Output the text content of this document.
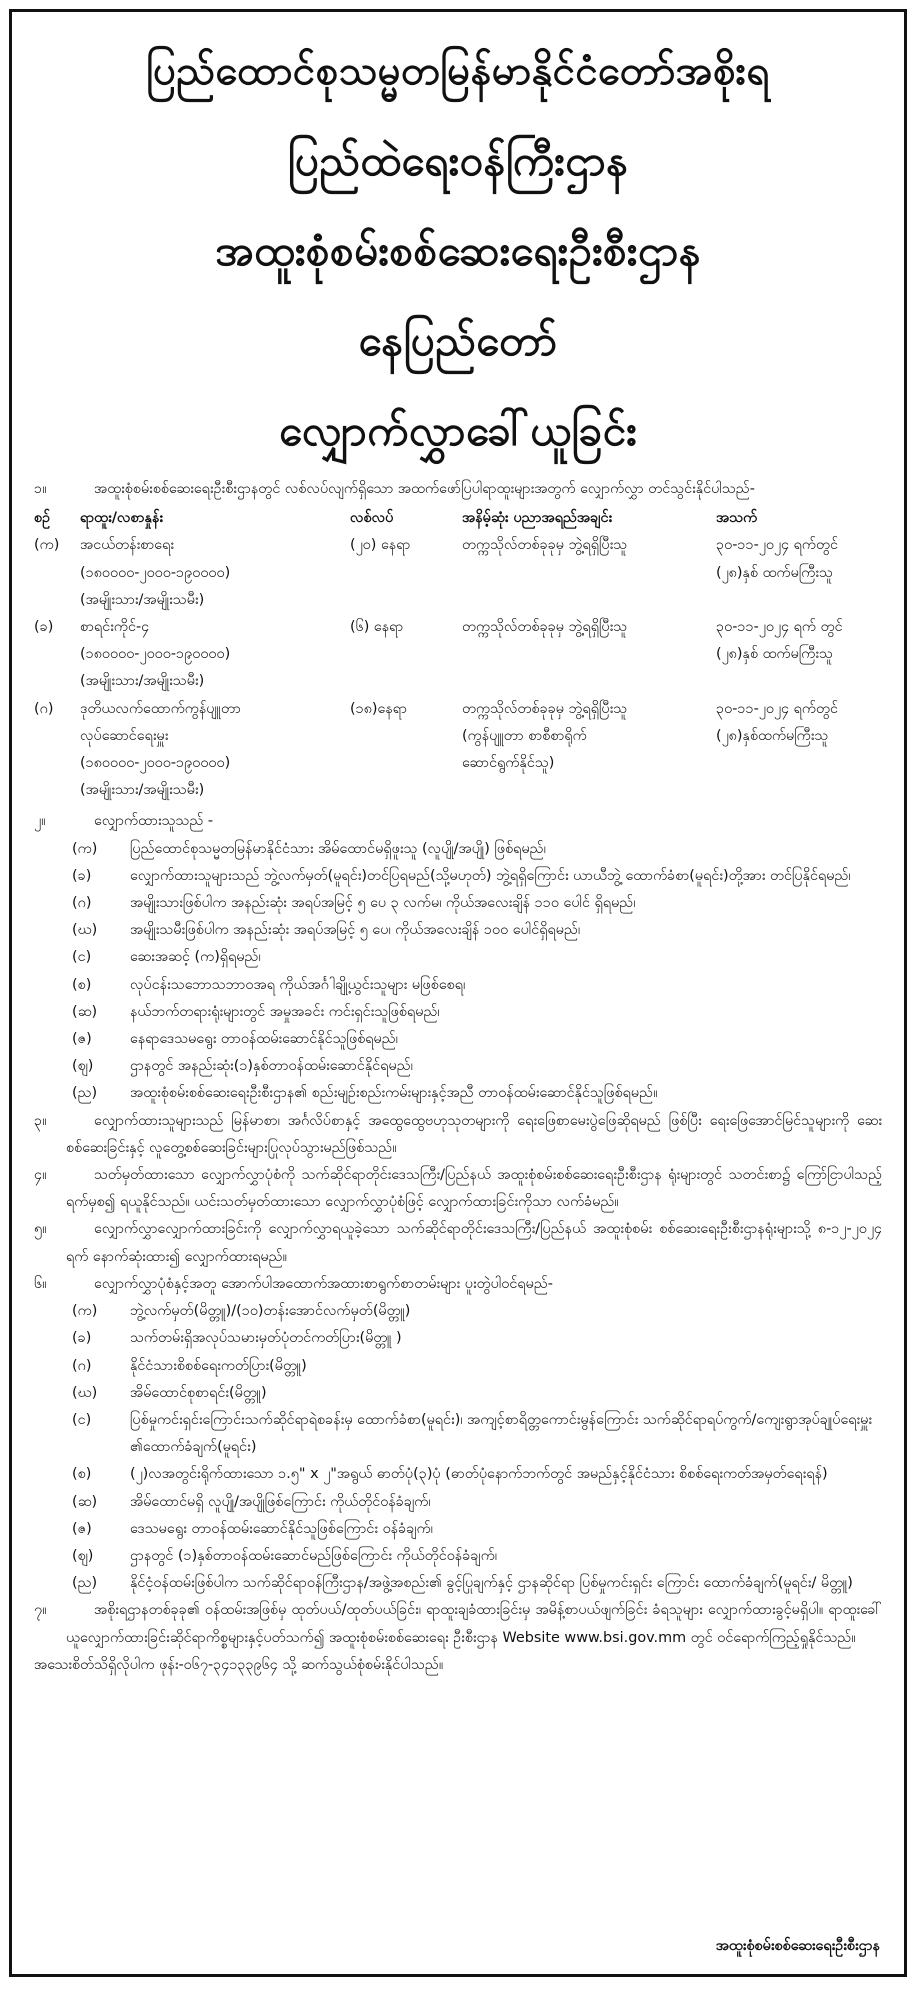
ပြည်ထောင်စုသမ္မတမြန်မာနိုင်ငံတော်အစိုးရ
ပြည်ထဲရေးဝန်ကြီးဌာန
အထူးစုံစမ်းစစ်ဆေးရေးဦးစီးဌာန
နေပြည်တော်
လျှောက်လွှာခေါ်ယူခြင်း
၁။	အထူးစုံစမ်းစစ်ဆေးရေးဦးစီးဌာနတွင် လစ်လပ်လျက်ရှိသော အထက်ဖော်ပြပါရာထူးများအတွက် လျှောက်လွှာ တင်သွင်းနိုင်ပါသည်-
စဉ်	ရာထူး/လစာနှုန်း	လစ်လပ်	အနိမ့်ဆုံး ပညာအရည်အချင်း	အသက်
(က)	အငယ်တန်းစာရေး
(၁၈၀၀၀၀-၂၀၀၀-၁၉၀၀၀၀)
(အမျိုးသား/အမျိုးသမီး)
(၂၀) နေရာ	တက္ကသိုလ်တစ်ခုခုမှ ဘွဲ့ရရှိပြီးသူ	၃၀-၁၁-၂၀၂၄ ရက်တွင်
(၂၈)နှစ် ထက်မကြီးသူ
(ခ)	စာရင်းကိုင်-၄
(၁၈၀၀၀၀-၂၀၀၀-၁၉၀၀၀၀)
(အမျိုးသား/အမျိုးသမီး)
(၆) နေရာ	တက္ကသိုလ်တစ်ခုခုမှ ဘွဲ့ရရှိပြီးသူ	၃၀-၁၁-၂၀၂၄ ရက် တွင်
(၂၈)နှစ် ထက်မကြီးသူ
(ဂ)	ဒုတိယလက်ထောက်ကွန်ပျူတာ
လုပ်ဆောင်ရေးမှူး
(၁၈၀၀၀၀-၂၀၀၀-၁၉၀၀၀၀)
(အမျိုးသား/အမျိုးသမီး)
(၁၈)နေရာ	တက္ကသိုလ်တစ်ခုခုမှ ဘွဲ့ရရှိပြီးသူ
(ကွန်ပျူတာ စာစီစာရိုက်
ဆောင်ရွက်နိုင်သူ)
၃၀-၁၁-၂၀၂၄ ရက်တွင်
(၂၈)နှစ်ထက်မကြီးသူ
၂။	လျှောက်ထားသူသည် -
(က)	ပြည်ထောင်စုသမ္မတမြန်မာနိုင်ငံသား အိမ်ထောင်မရှိဖူးသူ (လူပျို/အပျို) ဖြစ်ရမည်၊
(ခ)	လျှောက်ထားသူများသည် ဘွဲ့လက်မှတ်(မူရင်း)တင်ပြရမည်(သို့မဟုတ်) ဘွဲ့ရရှိကြောင်း ယာယီဘွဲ့ ထောက်ခံစာ(မူရင်း)တို့အား တင်ပြနိုင်ရမည်၊
(ဂ)	အမျိုးသားဖြစ်ပါက အနည်းဆုံး အရပ်အမြင့် ၅ ပေ ၃ လက်မ၊ ကိုယ်အလေးချိန် ၁၁၀ ပေါင် ရှိရမည်၊
(ဃ)	အမျိုးသမီးဖြစ်ပါက အနည်းဆုံး အရပ်အမြင့် ၅ ပေ၊ ကိုယ်အလေးချိန် ၁၀၀ ပေါင်ရှိရမည်၊
(င)	ဆေးအဆင့် (က)ရှိရမည်၊
(စ)	လုပ်ငန်းသဘောသဘာဝအရ ကိုယ်အင်္ဂါချို့ယွင်းသူများ မဖြစ်စေရ၊
(ဆ)	နယ်ဘက်တရားရုံးများတွင် အမှုအခင်း ကင်းရှင်းသူဖြစ်ရမည်၊
(ဇ)	နေရာဒေသမရွေး တာဝန်ထမ်းဆောင်နိုင်သူဖြစ်ရမည်၊
(ဈ)	ဌာနတွင် အနည်းဆုံး(၁)နှစ်တာဝန်ထမ်းဆောင်နိုင်ရမည်၊
(ည)	အထူးစုံစမ်းစစ်ဆေးရေးဦးစီးဌာန၏ စည်းမျဉ်းစည်းကမ်းများနှင့်အညီ တာဝန်ထမ်းဆောင်နိုင်သူဖြစ်ရမည်။
၃။	လျှောက်ထားသူများသည် မြန်မာစာ၊ အင်္ဂလိပ်စာနှင့် အထွေထွေဗဟုသုတများကို ရေးဖြေစာမေးပွဲဖြေဆိုရမည် ဖြစ်ပြီး ရေးဖြေအောင်မြင်သူများကို ဆေးစစ်ဆေးခြင်းနှင့် လူတွေ့စစ်ဆေးခြင်းများပြုလုပ်သွားမည်ဖြစ်သည်။
၄။	သတ်မှတ်ထားသော လျှောက်လွှာပုံစံကို သက်ဆိုင်ရာတိုင်းဒေသကြီး/ပြည်နယ် အထူးစုံစမ်းစစ်ဆေးရေးဦးစီးဌာန ရုံးများတွင် သတင်းစာ၌ ကြော်ငြာပါသည့်ရက်မှစ၍ ရယူနိုင်သည်။ ယင်းသတ်မှတ်ထားသော လျှောက်လွှာပုံစံဖြင့် လျှောက်ထားခြင်းကိုသာ လက်ခံမည်။
၅။	လျှောက်လွှာလျှောက်ထားခြင်းကို လျှောက်လွှာရယူခဲ့သော သက်ဆိုင်ရာတိုင်းဒေသကြီး/ပြည်နယ် အထူးစုံစမ်း စစ်ဆေးရေးဦးစီးဌာနရုံးများသို့ ၈-၁၂-၂၀၂၄ ရက် နောက်ဆုံးထား၍ လျှောက်ထားရမည်။
၆။	လျှောက်လွှာပုံစံနှင့်အတူ အောက်ပါအထောက်အထားစာရွက်စာတမ်းများ ပူးတွဲပါဝင်ရမည်-
(က)	ဘွဲ့လက်မှတ်(မိတ္တူ)/(၁၀)တန်းအောင်လက်မှတ်(မိတ္တူ)
(ခ)	သက်တမ်းရှိအလုပ်သမားမှတ်ပုံတင်ကတ်ပြား(မိတ္တူ )
(ဂ)	နိုင်ငံသားစိစစ်ရေးကတ်ပြား(မိတ္တူ)
(ဃ)	အိမ်ထောင်စုစာရင်း(မိတ္တူ)
(င)	ပြစ်မှုကင်းရှင်းကြောင်းသက်ဆိုင်ရာရဲစခန်းမှ ထောက်ခံစာ(မူရင်း)၊ အကျင့်စာရိတ္တကောင်းမွန်ကြောင်း သက်ဆိုင်ရာရပ်ကွက်/ကျေးရွာအုပ်ချုပ်ရေးမှူး ၏ထောက်ခံချက်(မူရင်း)
(စ)	(၂)လအတွင်းရိုက်ထားသော ၁.၅" x ၂"အရွယ် ဓာတ်ပုံ(၃)ပုံ (ဓာတ်ပုံနောက်ဘက်တွင် အမည်နှင့်နိုင်ငံသား စိစစ်ရေးကတ်အမှတ်ရေးရန်)
(ဆ)	အိမ်ထောင်မရှိ လူပျို/အပျိုဖြစ်ကြောင်း ကိုယ်တိုင်ဝန်ခံချက်၊
(ဇ)	ဒေသမရွေး တာဝန်ထမ်းဆောင်နိုင်သူဖြစ်ကြောင်း ဝန်ခံချက်၊
(ဈ)	ဌာနတွင် (၁)နှစ်တာဝန်ထမ်းဆောင်မည်ဖြစ်ကြောင်း ကိုယ်တိုင်ဝန်ခံချက်၊
(ည)	နိုင်ငံ့ဝန်ထမ်းဖြစ်ပါက သက်ဆိုင်ရာဝန်ကြီးဌာန/အဖွဲ့အစည်း၏ ခွင့်ပြုချက်နှင့် ဌာနဆိုင်ရာ ပြစ်မှုကင်းရှင်း ကြောင်း ထောက်ခံချက်(မူရင်း/ မိတ္တူ)
၇။	အစိုးရဌာနတစ်ခုခု၏ ဝန်ထမ်းအဖြစ်မှ ထုတ်ပယ်/ထုတ်ပယ်ခြင်း၊ ရာထူးချခံထားခြင်းမှ အမိန့်စာပယ်ဖျက်ခြင်း ခံရသူများ လျှောက်ထားခွင့်မရှိပါ။ ရာထူးခေါ်ယူလျှောက်ထားခြင်းဆိုင်ရာကိစ္စများနှင့်ပတ်သက်၍ အထူးစုံစမ်းစစ်ဆေးရေး ဦးစီးဌာန Website www.bsi.gov.mm တွင် ဝင်ရောက်ကြည့်ရှုနိုင်သည်။
အသေးစိတ်သိရှိလိုပါက ဖုန်း-၀၆၇-၃၄၁၃၃၉၆၄ သို့ ဆက်သွယ်စုံစမ်းနိုင်ပါသည်။
အထူးစုံစမ်းစစ်ဆေးရေးဦးစီးဌာန
